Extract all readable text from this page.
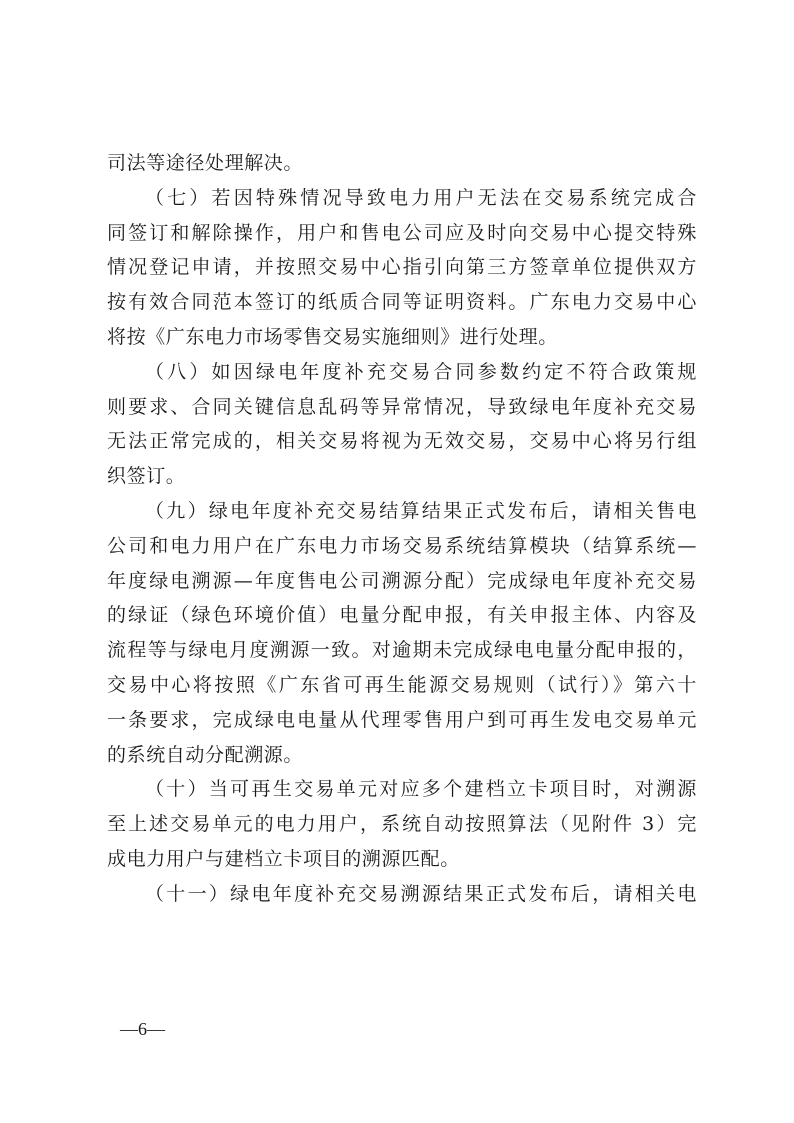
司法等途径处理解决。
（七）若因特殊情况导致电力用户无法在交易系统完成合
同签订和解除操作，用户和售电公司应及时向交易中心提交特殊
情况登记申请，并按照交易中心指引向第三方签章单位提供双方
按有效合同范本签订的纸质合同等证明资料。广东电力交易中心
将按《广东电力市场零售交易实施细则》进行处理。
（八）如因绿电年度补充交易合同参数约定不符合政策规
则要求、合同关键信息乱码等异常情况，导致绿电年度补充交易
无法正常完成的，相关交易将视为无效交易，交易中心将另行组
织签订。
（九）绿电年度补充交易结算结果正式发布后，请相关售电
公司和电力用户在广东电力市场交易系统结算模块（结算系统—
年度绿电溯源—年度售电公司溯源分配）完成绿电年度补充交易
的绿证（绿色环境价值）电量分配申报，有关申报主体、内容及
流程等与绿电月度溯源一致。对逾期未完成绿电电量分配申报的，
交易中心将按照《广东省可再生能源交易规则（试行）》第六十
一条要求，完成绿电电量从代理零售用户到可再生发电交易单元
的系统自动分配溯源。
（十）当可再生交易单元对应多个建档立卡项目时，对溯源
至上述交易单元的电力用户，系统自动按照算法（见附件 3）完
成电力用户与建档立卡项目的溯源匹配。
（十一）绿电年度补充交易溯源结果正式发布后，请相关电
—6—
